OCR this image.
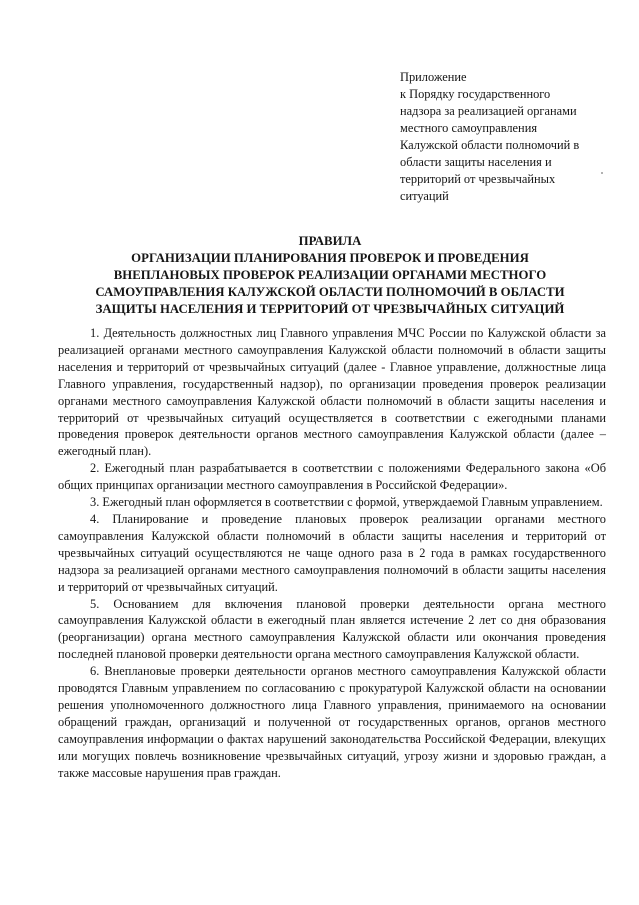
Приложение
к Порядку государственного
надзора за реализацией органами
местного самоуправления
Калужской области полномочий в
области защиты населения и
территорий от чрезвычайных
ситуаций
ПРАВИЛА
ОРГАНИЗАЦИИ ПЛАНИРОВАНИЯ ПРОВЕРОК И ПРОВЕДЕНИЯ
ВНЕПЛАНОВЫХ ПРОВЕРОК РЕАЛИЗАЦИИ ОРГАНАМИ МЕСТНОГО
САМОУПРАВЛЕНИЯ КАЛУЖСКОЙ ОБЛАСТИ ПОЛНОМОЧИЙ В ОБЛАСТИ
ЗАЩИТЫ НАСЕЛЕНИЯ И ТЕРРИТОРИЙ ОТ ЧРЕЗВЫЧАЙНЫХ СИТУАЦИЙ

1. Деятельность должностных лиц Главного управления МЧС России по Калужской области за реализацией органами местного самоуправления Калужской области полномочий в области защиты населения и территорий от чрезвычайных ситуаций (далее - Главное управление, должностные лица Главного управления, государственный надзор), по организации проведения проверок реализации органами местного самоуправления Калужской области полномочий в области защиты населения и территорий от чрезвычайных ситуаций осуществляется в соответствии с ежегодными планами проведения проверок деятельности органов местного самоуправления Калужской области (далее – ежегодный план).

2. Ежегодный план разрабатывается в соответствии с положениями Федерального закона «Об общих принципах организации местного самоуправления в Российской Федерации».

3. Ежегодный план оформляется в соответствии с формой, утверждаемой Главным управлением.

4. Планирование и проведение плановых проверок реализации органами местного самоуправления Калужской области полномочий в области защиты населения и территорий от чрезвычайных ситуаций осуществляются не чаще одного раза в 2 года в рамках государственного надзора за реализацией органами местного самоуправления полномочий в области защиты населения и территорий от чрезвычайных ситуаций.

5. Основанием для включения плановой проверки деятельности органа местного самоуправления Калужской области в ежегодный план является истечение 2 лет со дня образования (реорганизации) органа местного самоуправления Калужской области или окончания проведения последней плановой проверки деятельности органа местного самоуправления Калужской области.

6. Внеплановые проверки деятельности органов местного самоуправления Калужской области проводятся Главным управлением по согласованию с прокуратурой Калужской области на основании решения уполномоченного должностного лица Главного управления, принимаемого на основании обращений граждан, организаций и полученной от государственных органов, органов местного самоуправления информации о фактах нарушений законодательства Российской Федерации, влекущих или могущих повлечь возникновение чрезвычайных ситуаций, угрозу жизни и здоровью граждан, а также массовые нарушения прав граждан.
